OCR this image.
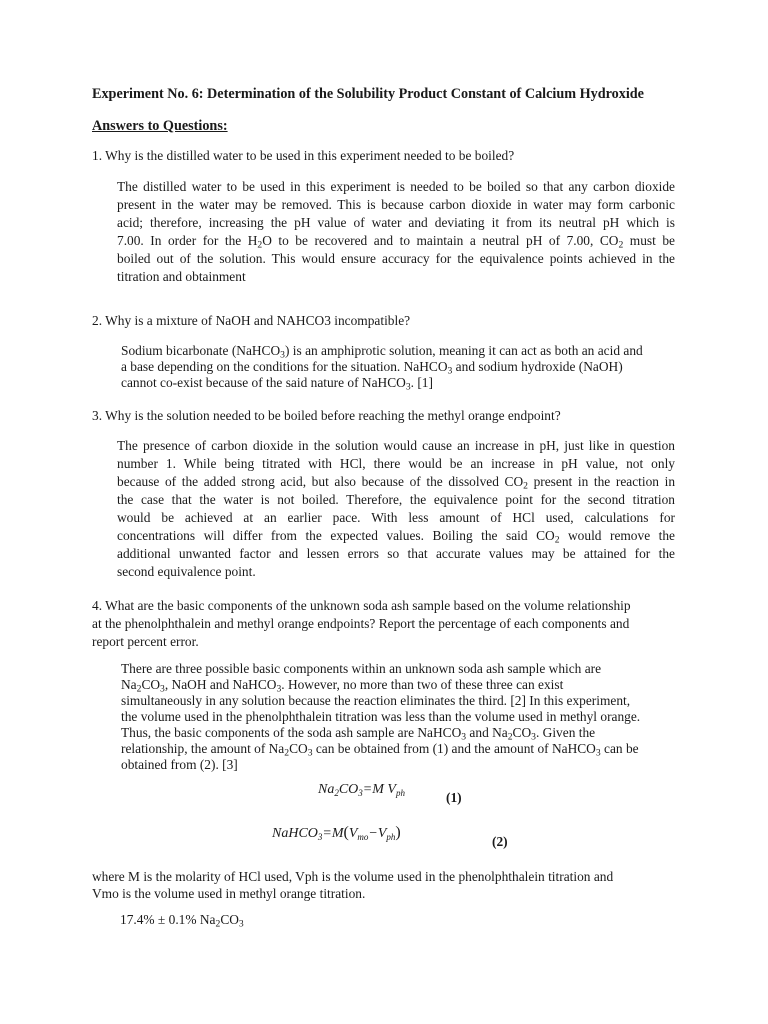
Experiment No. 6: Determination of the Solubility Product Constant of Calcium Hydroxide

Answers to Questions:

1. Why is the distilled water to be used in this experiment needed to be boiled?

The distilled water to be used in this experiment is needed to be boiled so that any carbon dioxide
present in the water may be removed. This is because carbon dioxide in water may form carbonic
acid; therefore, increasing the pH value of water and deviating it from its neutral pH which is
7.00. In order for the $H_2O$ to be recovered and to maintain a neutral pH of 7.00, $CO_2$ must be
boiled out of the solution. This would ensure accuracy for the equivalence points achieved in the
titration and obtainment

2. Why is a mixture of NaOH and NAHCO3 incompatible?

Sodium bicarbonate (NaHCO$_3$) is an amphiprotic solution, meaning it can act as both an acid and
a base depending on the conditions for the situation. NaHCO$_3$ and sodium hydroxide (NaOH)
cannot co-exist because of the said nature of NaHCO$_3$. [1]

3. Why is the solution needed to be boiled before reaching the methyl orange endpoint?

The presence of carbon dioxide in the solution would cause an increase in pH, just like in question
number 1. While being titrated with HCl, there would be an increase in pH value, not only
because of the added strong acid, but also because of the dissolved $CO_2$ present in the reaction in
the case that the water is not boiled. Therefore, the equivalence point for the second titration
would be achieved at an earlier pace. With less amount of HCl used, calculations for
concentrations will differ from the expected values. Boiling the said $CO_2$ would remove the
additional unwanted factor and lessen errors so that accurate values may be attained for the
second equivalence point.
4. What are the basic components of the unknown soda ash sample based on the volume relationship
at the phenolphthalein and methyl orange endpoints? Report the percentage of each components and
report percent error.
There are three possible basic components within an unknown soda ash sample which are
$Na_2CO_3$, NaOH and NaHCO$_3$. However, no more than two of these three can exist
simultaneously in any solution because the reaction eliminates the third. [2] In this experiment,
the volume used in the phenolphthalein titration was less than the volume used in methyl orange.
Thus, the basic components of the soda ash sample are NaHCO$_3$ and $Na_2CO_3$. Given the
relationship, the amount of $Na_2CO_3$ can be obtained from (1) and the amount of NaHCO$_3$ can be
obtained from (2). [3]
$Na_2CO_3=M$ $V_{ph}$	(1)
$NaHCO_3=M(V_{mo}-V_{ph})$
(2)
where M is the molarity of HCl used, Vph is the volume used in the phenolphthalein titration and
Vmo is the volume used in methyl orange titration.
17.4% ± 0.1% $Na_2CO_3$
